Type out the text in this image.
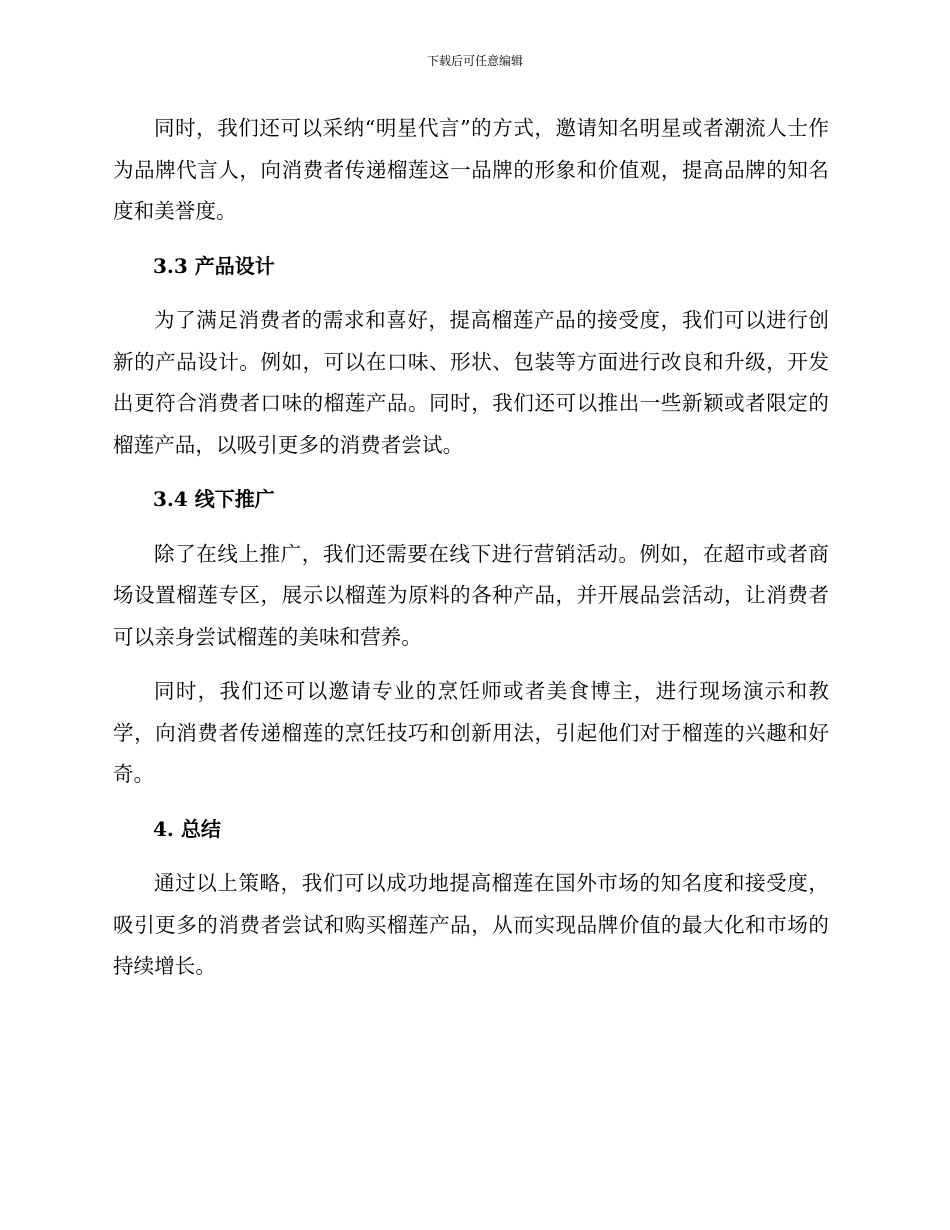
下载后可任意编辑

同时，我们还可以采纳“明星代言”的方式，邀请知名明星或者潮流人士作为品牌代言人，向消费者传递榴莲这一品牌的形象和价值观，提高品牌的知名度和美誉度。

3.3 产品设计

为了满足消费者的需求和喜好，提高榴莲产品的接受度，我们可以进行创新的产品设计。例如，可以在口味、形状、包装等方面进行改良和升级，开发出更符合消费者口味的榴莲产品。同时，我们还可以推出一些新颖或者限定的榴莲产品，以吸引更多的消费者尝试。

3.4 线下推广

除了在线上推广，我们还需要在线下进行营销活动。例如，在超市或者商场设置榴莲专区，展示以榴莲为原料的各种产品，并开展品尝活动，让消费者可以亲身尝试榴莲的美味和营养。

同时，我们还可以邀请专业的烹饪师或者美食博主，进行现场演示和教学，向消费者传递榴莲的烹饪技巧和创新用法，引起他们对于榴莲的兴趣和好奇。

4. 总结

通过以上策略，我们可以成功地提高榴莲在国外市场的知名度和接受度，吸引更多的消费者尝试和购买榴莲产品，从而实现品牌价值的最大化和市场的持续增长。
